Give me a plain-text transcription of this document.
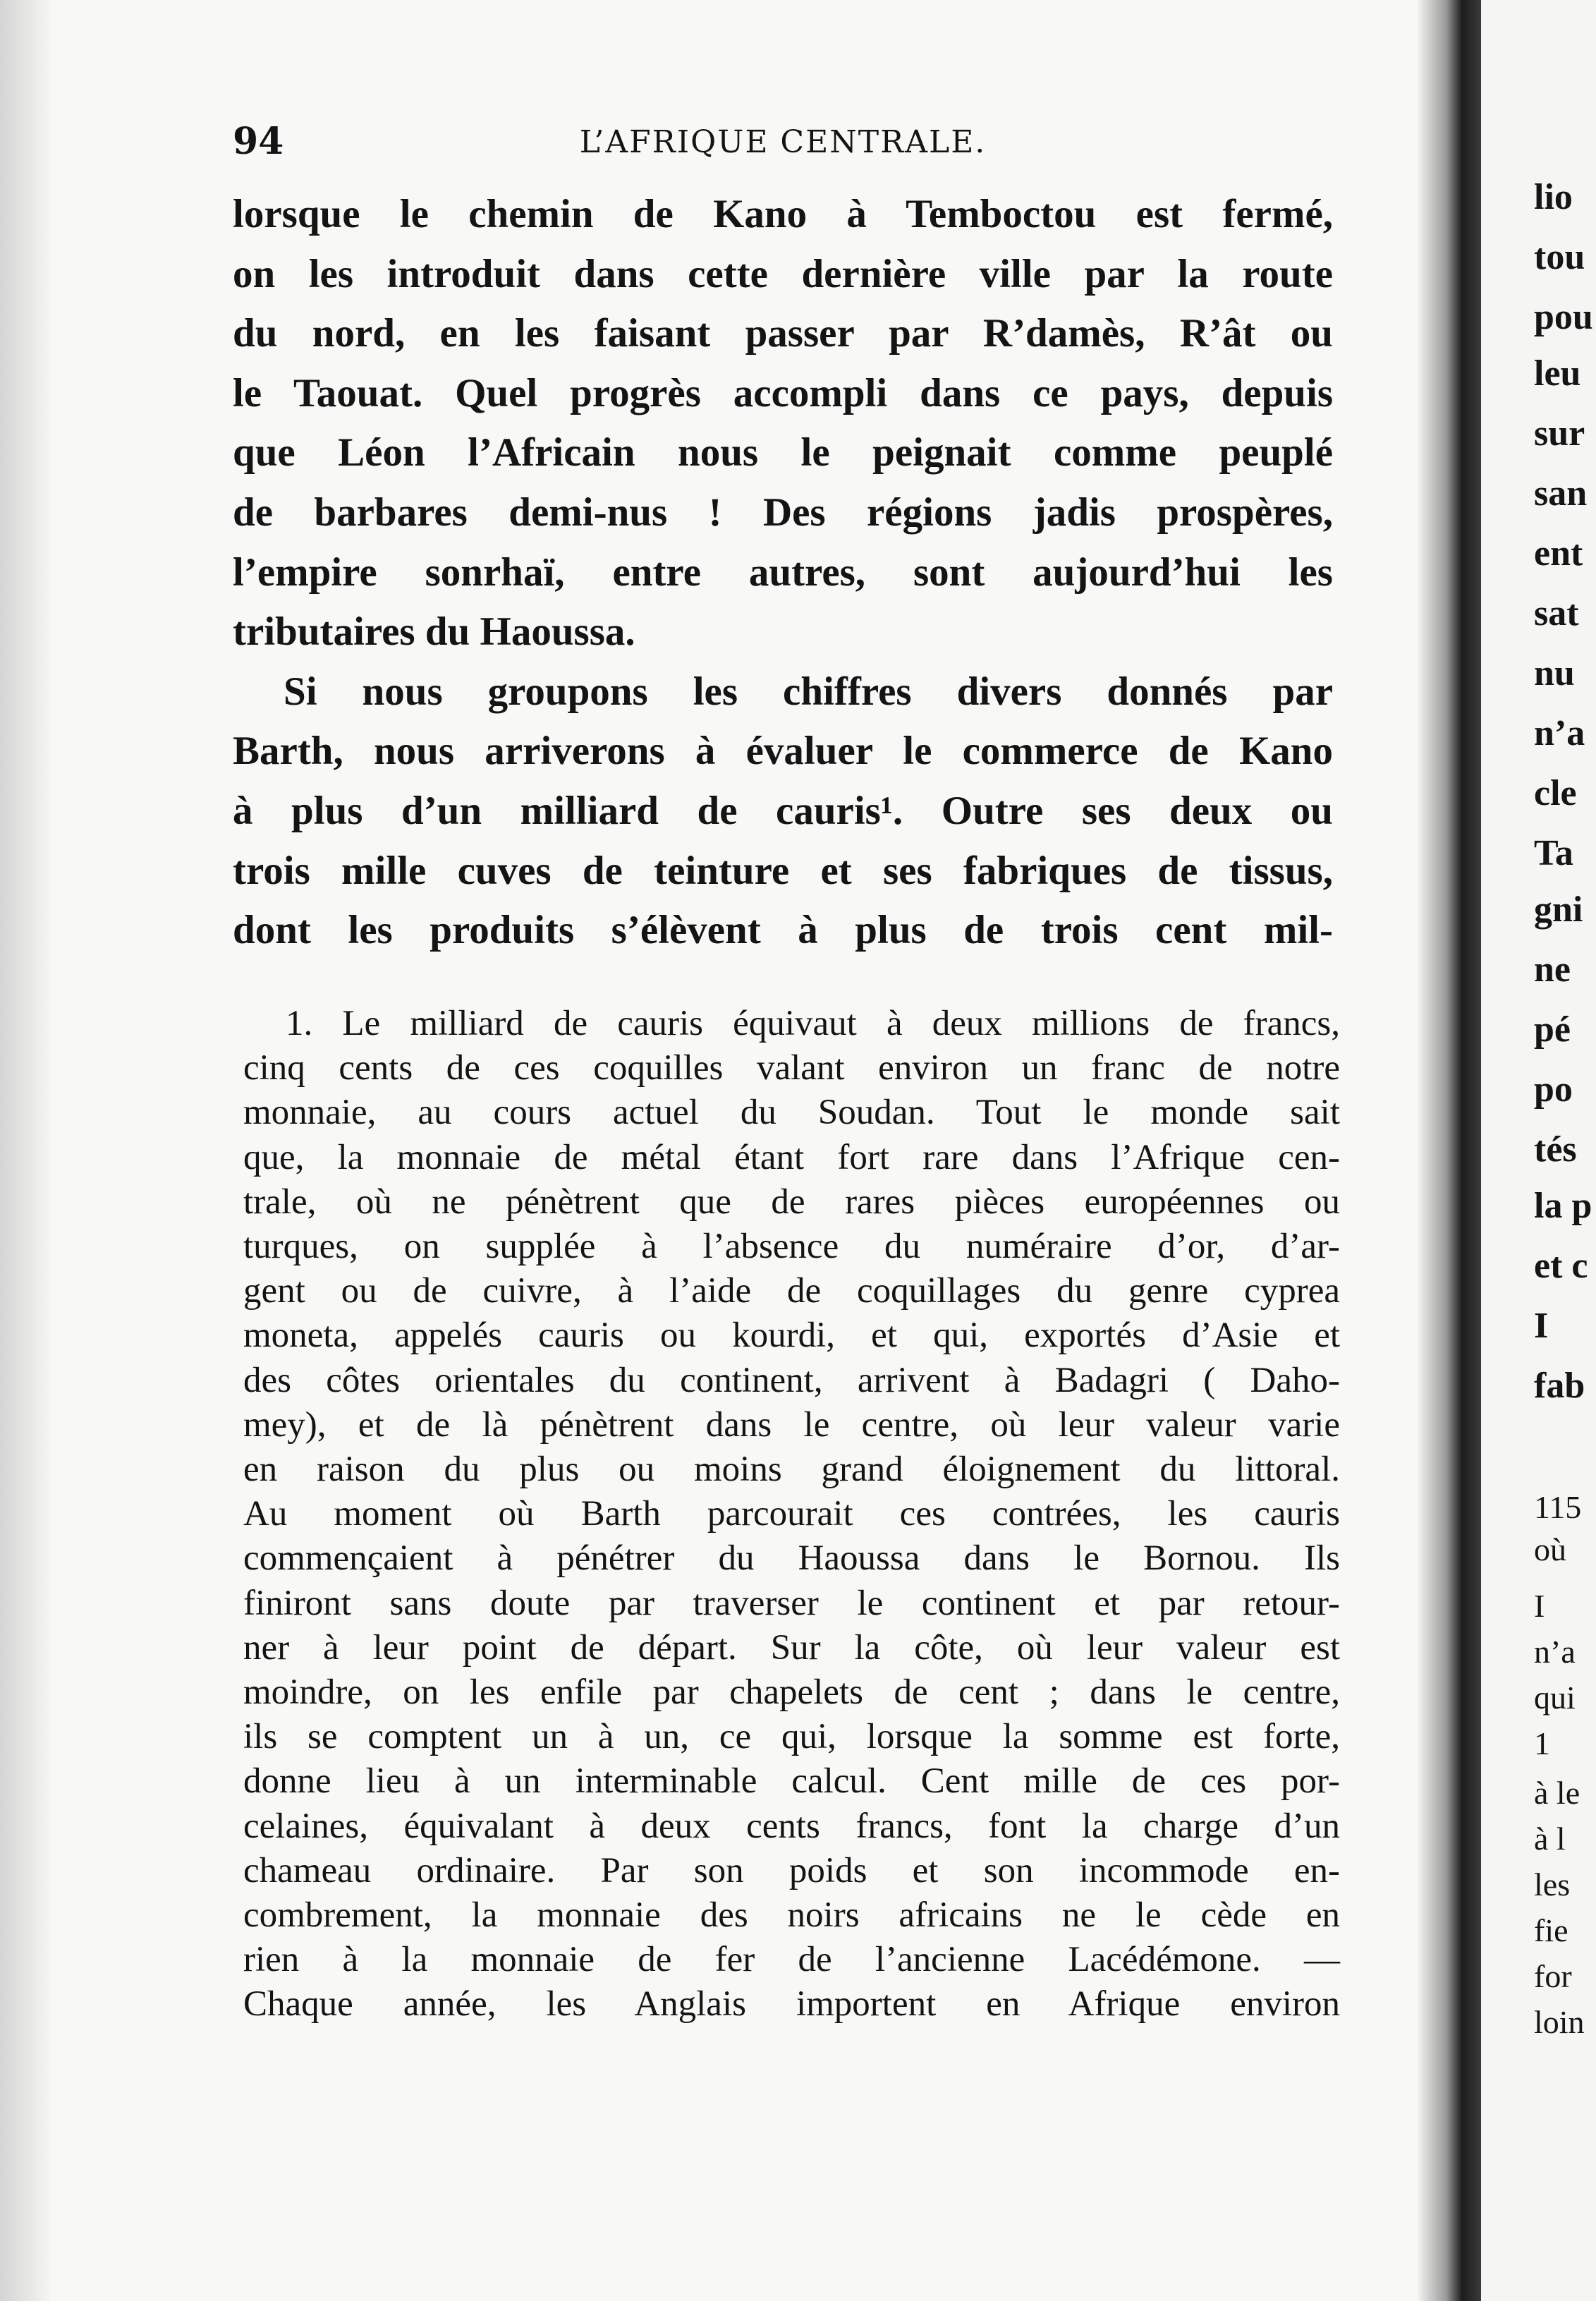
94	L’AFRIQUE CENTRALE.
lorsque le chemin de Kano à Temboctou est fermé,
on les introduit dans cette dernière ville par la route
du nord, en les faisant passer par R’damès, R’ât ou
le Taouat. Quel progrès accompli dans ce pays, depuis
que Léon l’Africain nous le peignait comme peuplé
de barbares demi-nus ! Des régions jadis prospères,
l’empire sonrhaï, entre autres, sont aujourd’hui les
tributaires du Haoussa.
Si nous groupons les chiffres divers donnés par
Barth, nous arriverons à évaluer le commerce de Kano
à plus d’un milliard de cauris¹. Outre ses deux ou
trois mille cuves de teinture et ses fabriques de tissus,
dont les produits s’élèvent à plus de trois cent mil-
1. Le milliard de cauris équivaut à deux millions de francs,
cinq cents de ces coquilles valant environ un franc de notre
monnaie, au cours actuel du Soudan. Tout le monde sait
que, la monnaie de métal étant fort rare dans l’Afrique cen-
trale, où ne pénètrent que de rares pièces européennes ou
turques, on supplée à l’absence du numéraire d’or, d’ar-
gent ou de cuivre, à l’aide de coquillages du genre cyprea
moneta, appelés cauris ou kourdi, et qui, exportés d’Asie et
des côtes orientales du continent, arrivent à Badagri ( Daho-
mey), et de là pénètrent dans le centre, où leur valeur varie
en raison du plus ou moins grand éloignement du littoral.
Au moment où Barth parcourait ces contrées, les cauris
commençaient à pénétrer du Haoussa dans le Bornou. Ils
finiront sans doute par traverser le continent et par retour-
ner à leur point de départ. Sur la côte, où leur valeur est
moindre, on les enfile par chapelets de cent ; dans le centre,
ils se comptent un à un, ce qui, lorsque la somme est forte,
donne lieu à un interminable calcul. Cent mille de ces por-
celaines, équivalant à deux cents francs, font la charge d’un
chameau ordinaire. Par son poids et son incommode en-
combrement, la monnaie des noirs africains ne le cède en
rien à la monnaie de fer de l’ancienne Lacédémone. —
Chaque année, les Anglais importent en Afrique environ
lio
tou
pou
leu
sur
san
ent
sat
nu
n’a
cle
Ta
gni
ne
pé
po
tés
la p
et c
I
fab
115
où
I
n’a
qui
1
à le
à l
les
fie
for
loin
